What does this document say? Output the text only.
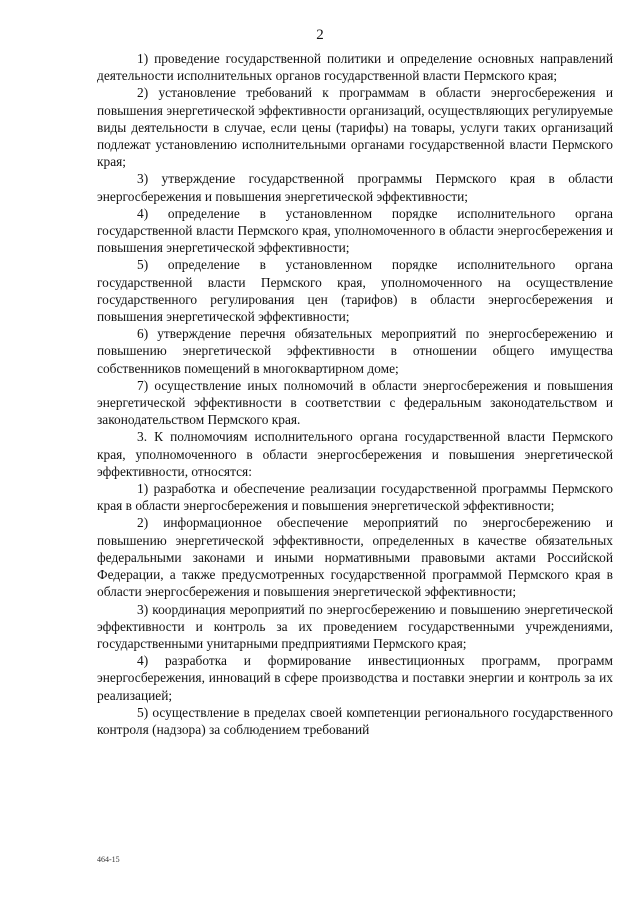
2

1) проведение государственной политики и определение основных направлений деятельности исполнительных органов государственной власти Пермского края;

2) установление требований к программам в области энергосбережения и повышения энергетической эффективности организаций, осуществляющих регулируемые виды деятельности в случае, если цены (тарифы) на товары, услуги таких организаций подлежат установлению исполнительными органами государственной власти Пермского края;

3) утверждение государственной программы Пермского края в области энергосбережения и повышения энергетической эффективности;

4) определение в установленном порядке исполнительного органа государственной власти Пермского края, уполномоченного в области энергосбережения и повышения энергетической эффективности;

5) определение в установленном порядке исполнительного органа государственной власти Пермского края, уполномоченного на осуществление государственного регулирования цен (тарифов) в области энергосбережения и повышения энергетической эффективности;

6) утверждение перечня обязательных мероприятий по энергосбережению и повышению энергетической эффективности в отношении общего имущества собственников помещений в многоквартирном доме;

7) осуществление иных полномочий в области энергосбережения и повышения энергетической эффективности в соответствии с федеральным законодательством и законодательством Пермского края.

3. К полномочиям исполнительного органа государственной власти Пермского края, уполномоченного в области энергосбережения и повышения энергетической эффективности, относятся:

1) разработка и обеспечение реализации государственной программы Пермского края в области энергосбережения и повышения энергетической эффективности;

2) информационное обеспечение мероприятий по энергосбережению и повышению энергетической эффективности, определенных в качестве обязательных федеральными законами и иными нормативными правовыми актами Российской Федерации, а также предусмотренных государственной программой Пермского края в области энергосбережения и повышения энергетической эффективности;

3) координация мероприятий по энергосбережению и повышению энергетической эффективности и контроль за их проведением государственными учреждениями, государственными унитарными предприятиями Пермского края;

4) разработка и формирование инвестиционных программ, программ энергосбережения, инноваций в сфере производства и поставки энергии и контроль за их реализацией;

5) осуществление в пределах своей компетенции регионального государственного контроля (надзора) за соблюдением требований

464-15
